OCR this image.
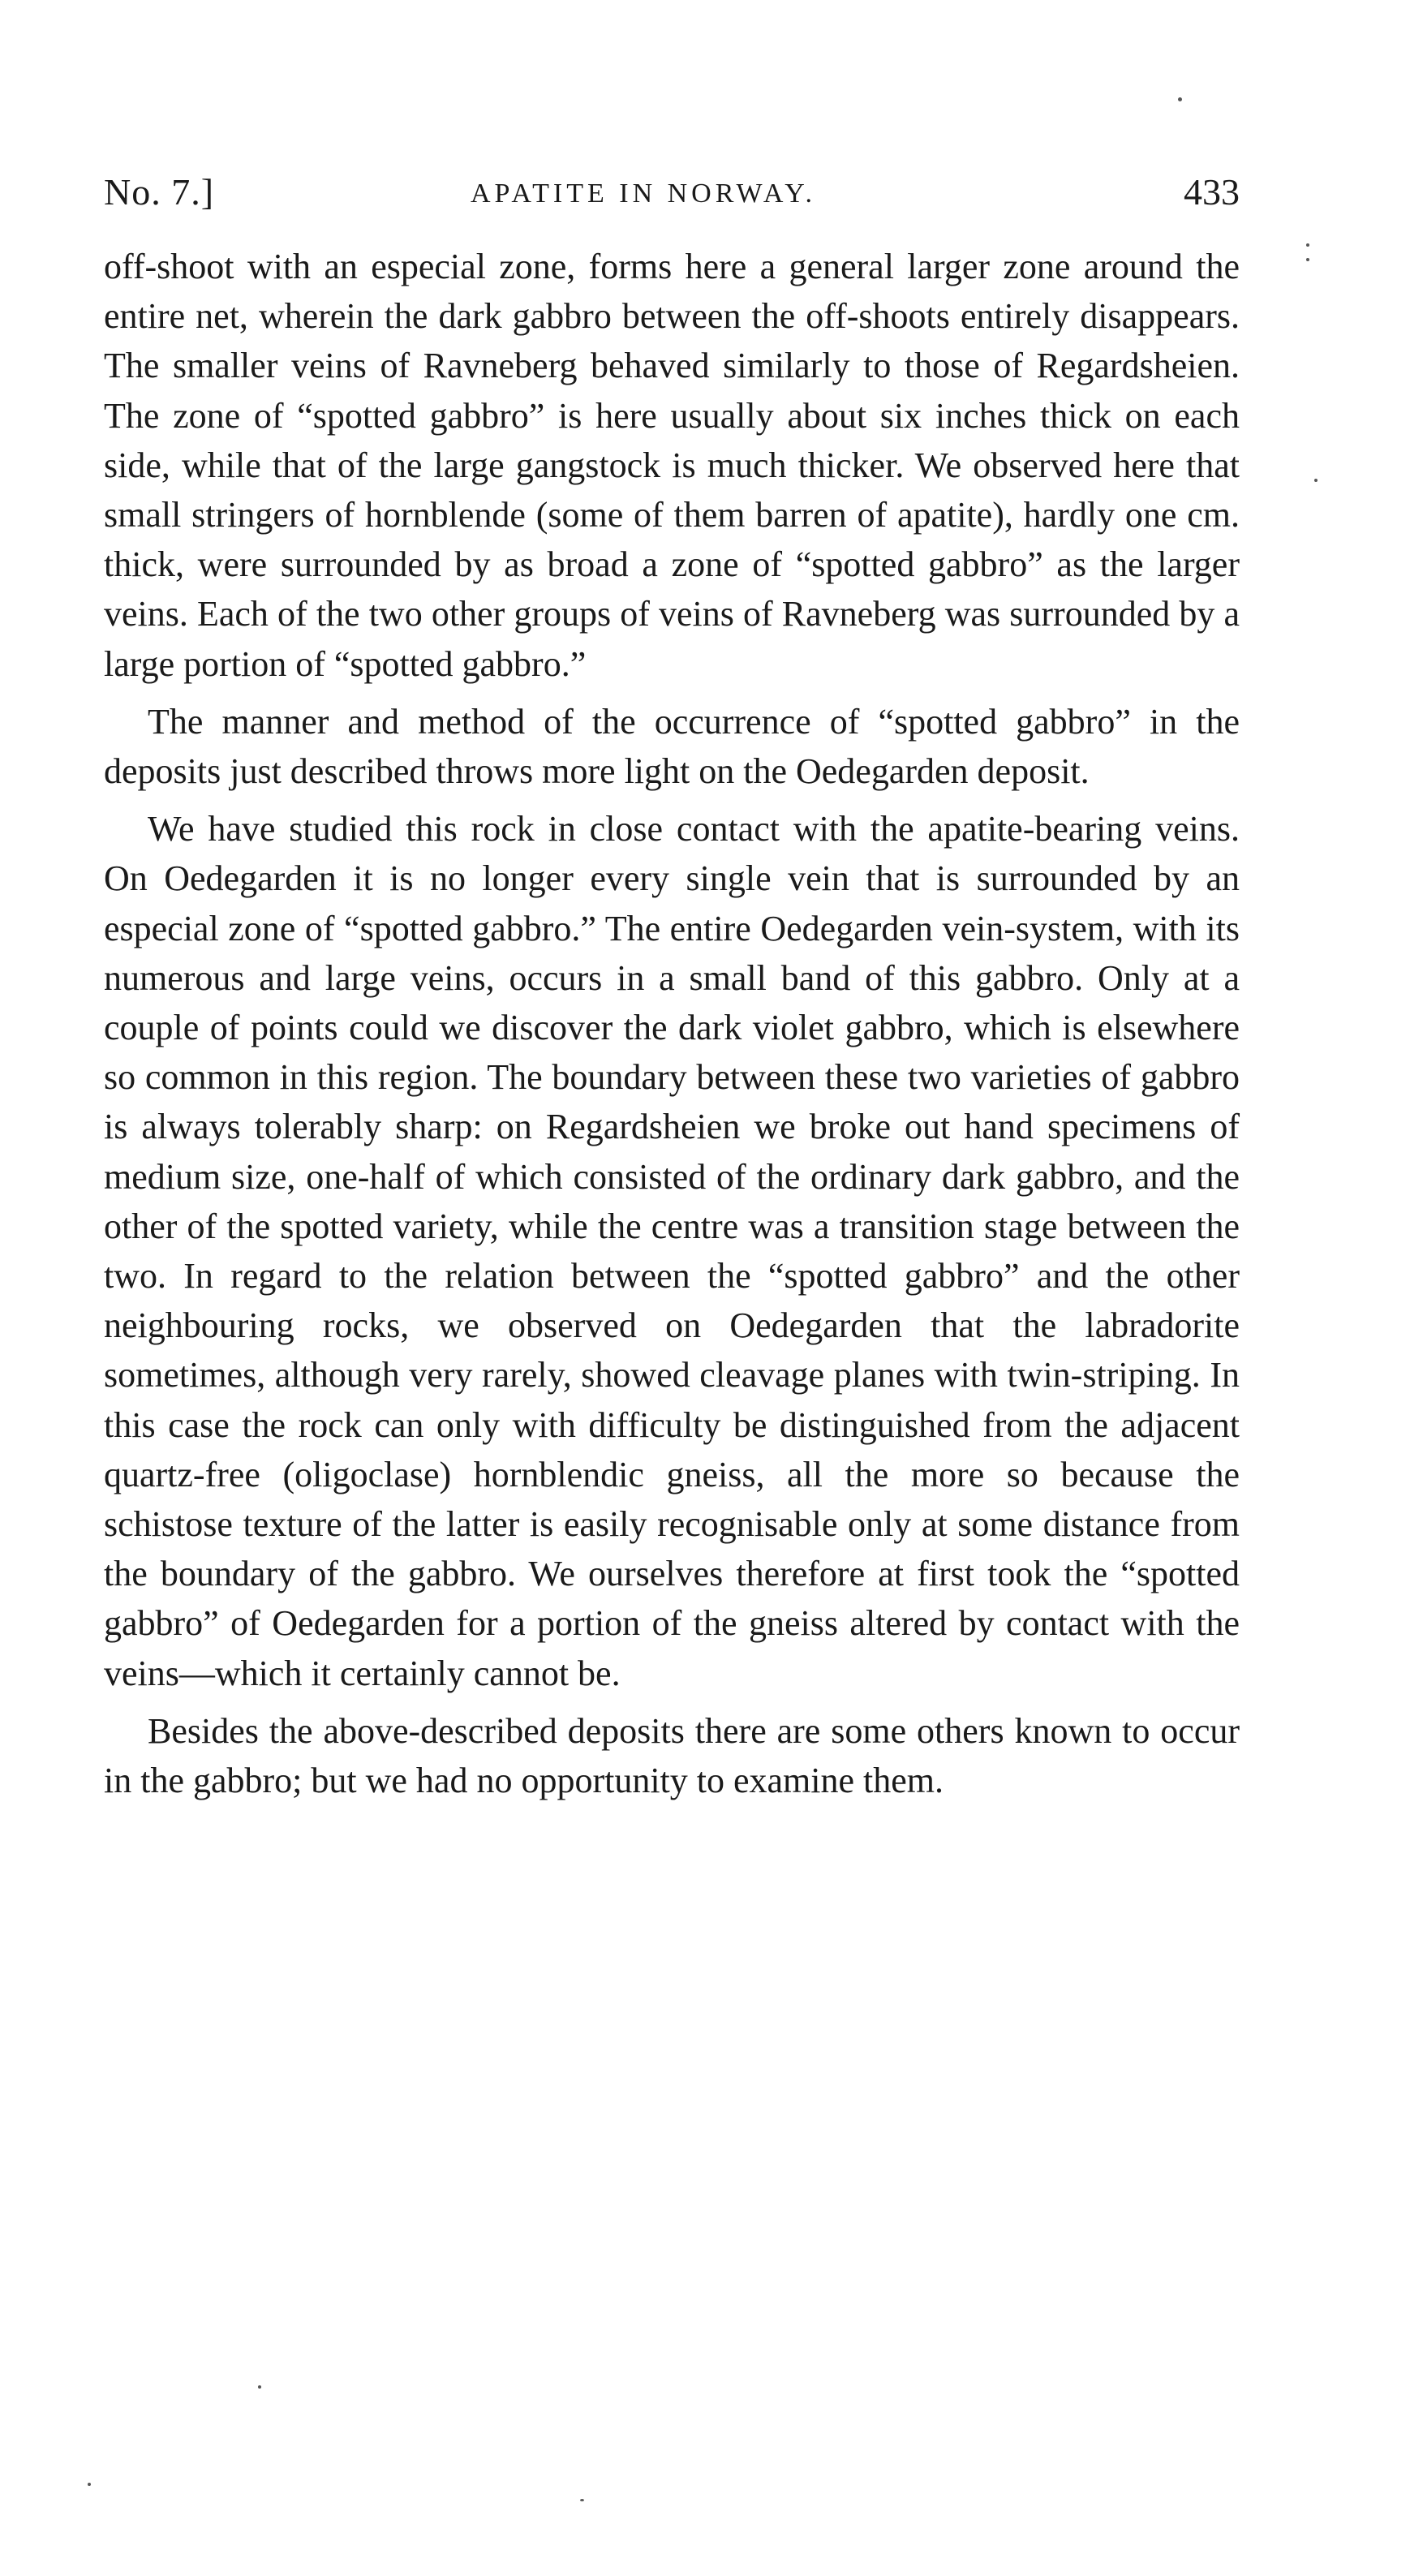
No. 7.]	APATITE IN NORWAY.	433

off-shoot with an especial zone, forms here a general larger zone around the entire net, wherein the dark gabbro between the off-shoots entirely disappears. The smaller veins of Ravneberg behaved similarly to those of Regardsheien. The zone of “spotted gabbro” is here usually about six inches thick on each side, while that of the large gangstock is much thicker. We observed here that small stringers of hornblende (some of them barren of apatite), hardly one cm. thick, were surrounded by as broad a zone of “spotted gabbro” as the larger veins. Each of the two other groups of veins of Ravneberg was surrounded by a large portion of “spotted gabbro.”

The manner and method of the occurrence of “spotted gabbro” in the deposits just described throws more light on the Oedegarden deposit.

We have studied this rock in close contact with the apatite-bearing veins. On Oedegarden it is no longer every single vein that is surrounded by an especial zone of “spotted gabbro.” The entire Oedegarden vein-system, with its numerous and large veins, occurs in a small band of this gabbro. Only at a couple of points could we discover the dark violet gabbro, which is elsewhere so common in this region. The boundary between these two varieties of gabbro is always tolerably sharp: on Regardsheien we broke out hand specimens of medium size, one-half of which consisted of the ordinary dark gabbro, and the other of the spotted variety, while the centre was a transition stage between the two. In regard to the relation between the “spotted gabbro” and the other neighbouring rocks, we observed on Oedegarden that the labradorite sometimes, although very rarely, showed cleavage planes with twin-striping. In this case the rock can only with difficulty be distinguished from the adjacent quartz-free (oligoclase) hornblendic gneiss, all the more so because the schistose texture of the latter is easily recognisable only at some distance from the boundary of the gabbro. We ourselves therefore at first took the “spotted gabbro” of Oedegarden for a portion of the gneiss altered by contact with the veins—which it certainly cannot be.

Besides the above-described deposits there are some others known to occur in the gabbro; but we had no opportunity to examine them.
